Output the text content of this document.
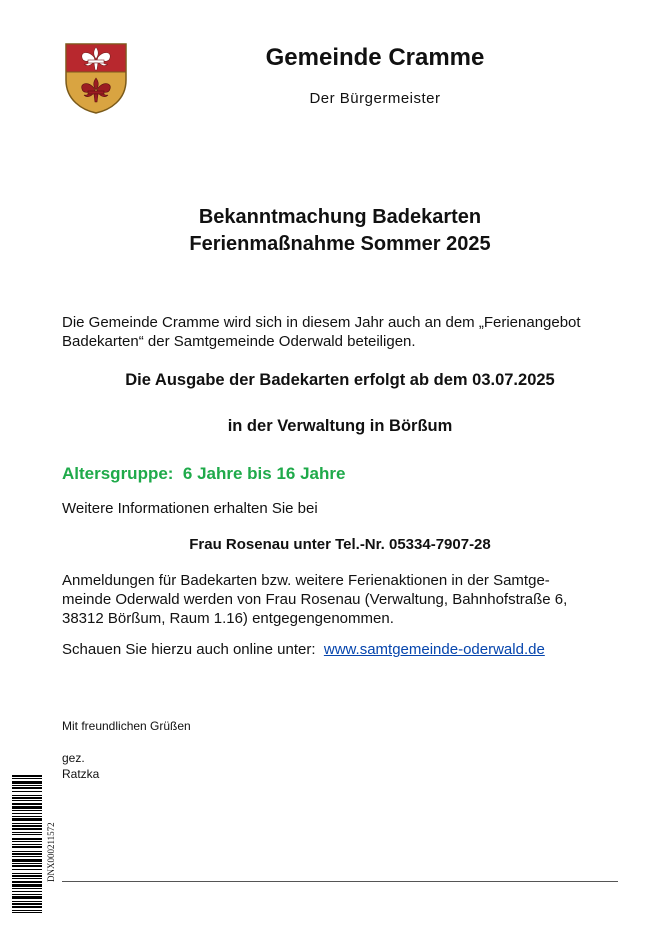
Gemeinde Cramme
Der Bürgermeister
Bekanntmachung Badekarten
Ferienmaßnahme Sommer 2025
Die Gemeinde Cramme wird sich in diesem Jahr auch an dem „Ferienangebot Badekarten“ der Samtgemeinde Oderwald beteiligen.
Die Ausgabe der Badekarten erfolgt ab dem 03.07.2025
in der Verwaltung in Börßum
Altersgruppe:  6 Jahre bis 16 Jahre
Weitere Informationen erhalten Sie bei
Frau Rosenau unter Tel.-Nr. 05334-7907-28
Anmeldungen für Badekarten bzw. weitere Ferienaktionen in der Samtge-
meinde Oderwald werden von Frau Rosenau (Verwaltung, Bahnhofstraße 6,
38312 Börßum, Raum 1.16) entgegengenommen.
Schauen Sie hierzu auch online unter: www.samtgemeinde-oderwald.de
Mit freundlichen Grüßen
gez.
Ratzka
DNX000211572
